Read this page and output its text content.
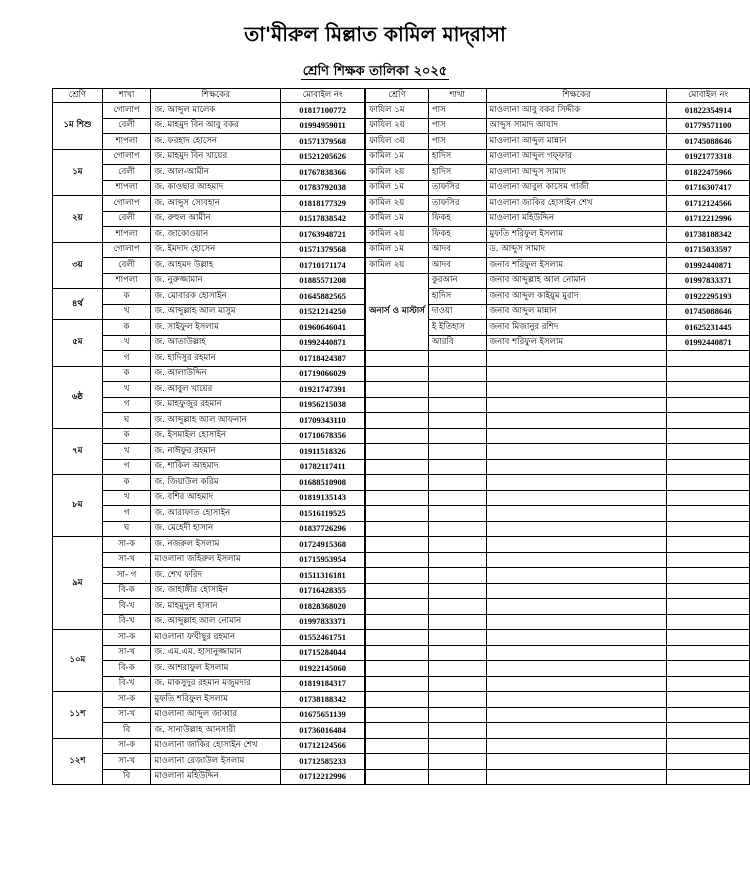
তা'মীরুল মিল্লাত কামিল মাদ্‌রাসা
শ্রেণি শিক্ষক তালিকা ২০২৫
শ্রেণি	শাখা	শিক্ষকের	মোবাইল নং	শ্রেণি	শাখা	শিক্ষকের	মোবাইল নং
১ম শিশু	গোলাপ	জ. আব্দুল মালেক	01817100772	ফাযিল ১ম	পাস	মাওলানা আবু বকর সিদ্দীক	01822354914
	বেলী	জ. মাহমুদ বিন আবু বকর	01994959011	ফাযিল ২য়	পাস	আব্দুস সামাদ আযাদ	01779571100
	শাপলা	জ. ফরহাদ হোসেন	01571379568	ফাযিল ৩য়	পাস	মাওলানা আব্দুল মান্নান	01745088646
১ম	গোলাপ	জ. মাহমুদ বিন খায়ের	01521205626	কামিল ১ম	হাদিস	মাওলানা আব্দুল গফ্ফার	01921773318
	বেলী	জ. আল-আমীন	01767838366	কামিল ২য়	হাদিস	মাওলানা আব্দুস সামাদ	01822475966
	শাপলা	জ. কাওছার আহমাদ	01783792038	কামিল ১ম	তাফসির	মাওলানা আবুল কাসেম গাজী	01716307417
২য়	গোলাপ	জ. আব্দুস সোবহান	01818177329	কামিল ২য়	তাফসির	মাওলানা জাকির হোসাইন শেখ	01712124566
	বেলী	জ. রুহুল আমীন	01517838542	কামিল ১ম	ফিকহ	মাওলানা মহিউদ্দিন	01712212996
	শাপলা	জ. জাকোওয়ান	01763948721	কামিল ২য়	ফিকহ	মুফতি শরিফুল ইসলাম	01738188342
৩য়	গোলাপ	জ. ইমদাদ হোসেন	01571379568	কামিল ১ম	আদব	ড. আব্দুস সামাদ	01715033597
	বেলী	জ. আহমদ উল্লাহ	01710171174	কামিল ২য়	আদব	জনাব শরিফুল ইসলাম	01992440871
	শাপলা	জ. নুরুজ্জামান	01885571208	অনার্স ও মাস্টার্স	কুরআন	জনাব আব্দুল্লাহ আল নোমান	01997833371
৪র্থ	ক	জ. মোবারক হোসাইন	01645882565		হাদিস	জনাব আব্দুল কাইয়ুম মুরাদ	01922295193
	খ	জ. আব্দুল্লাহ আল মাসুম	01521214250		দাওয়া	জনাব আব্দুল মান্নান	01745088646
৫ম	ক	জ. সাইফুল ইসলাম	01960646041		ই ইতিহাস	জনাব মিজানুর রশিদ	01625231445
	খ	জ. আতাউল্লাহ	01992440871		আরবি	জনাব শরিফুল ইসলাম	01992440871
	গ	জ. হাদিসুর রহমান	01718424387				
৬ষ্ঠ	ক	জ. আলাউদ্দিন	01719066029				
	খ	জ. আবুল খায়ের	01921747391				
	গ	জ. মাহফুজুর রহমান	01956215038				
	ঘ	জ. আব্দুল্লাহ আল আফনান	01709343110				
৭ম	ক	জ. ইসমাইল হোসাইন	01710678356				
	খ	জ. নাঈফুর রহমান	01911518326				
	গ	জ. শাকিল আহমাদ	01782117411				
৮ম	ক	জ. জিয়াউল করিম	01688510908				
	খ	জ. বশির আহমাদ	01819135143				
	গ	জ. আরাফাত হোসাইন	01516119525				
	ঘ	জ. মেহেদী হাসান	01837726296				
৯ম	সা-ক	জ. নজরুল ইসলাম	01724915368				
	সা-খ	মাওলানা জহিরুল ইসলাম	01715953954				
	সা- গ	জ. শেখ ফরিদ	01511316181				
	বি-ক	জ. জাহাঙ্গীর হোসাইন	01716428355				
	বি-খ	জ. মাহমুদুল হাসান	01828368020				
	বি-খ	জ. আব্দুল্লাহ আল নোমান	01997833371				
১০ম	সা-ক	মাওলানা ফখীছুর রহমান	01552461751				
	সা-খ	জ. এম.এম. হাসানুজ্জামান	01715284044				
	বি-ক	জ. আশরাফুল ইসলাম	01922145060				
	বি-খ	জ. মাকসুদুর রহমান মজুমদার	01819184317				
১১শ	সা-ক	মুফতি শরিফুল ইসলাম	01738188342				
	সা-খ	মাওলানা আব্দুল জাব্বার	01675651139				
	বি	জ. সানাউল্লাহ আনসারী	01736016484				
১২শ	সা-ক	মাওলানা জাকির হোসাইন শেখ	01712124566				
	সা-খ	মাওলানা রেজাউল ইসলাম	01712585233				
	বি	মাওলানা মহিউদ্দিন	01712212996				
